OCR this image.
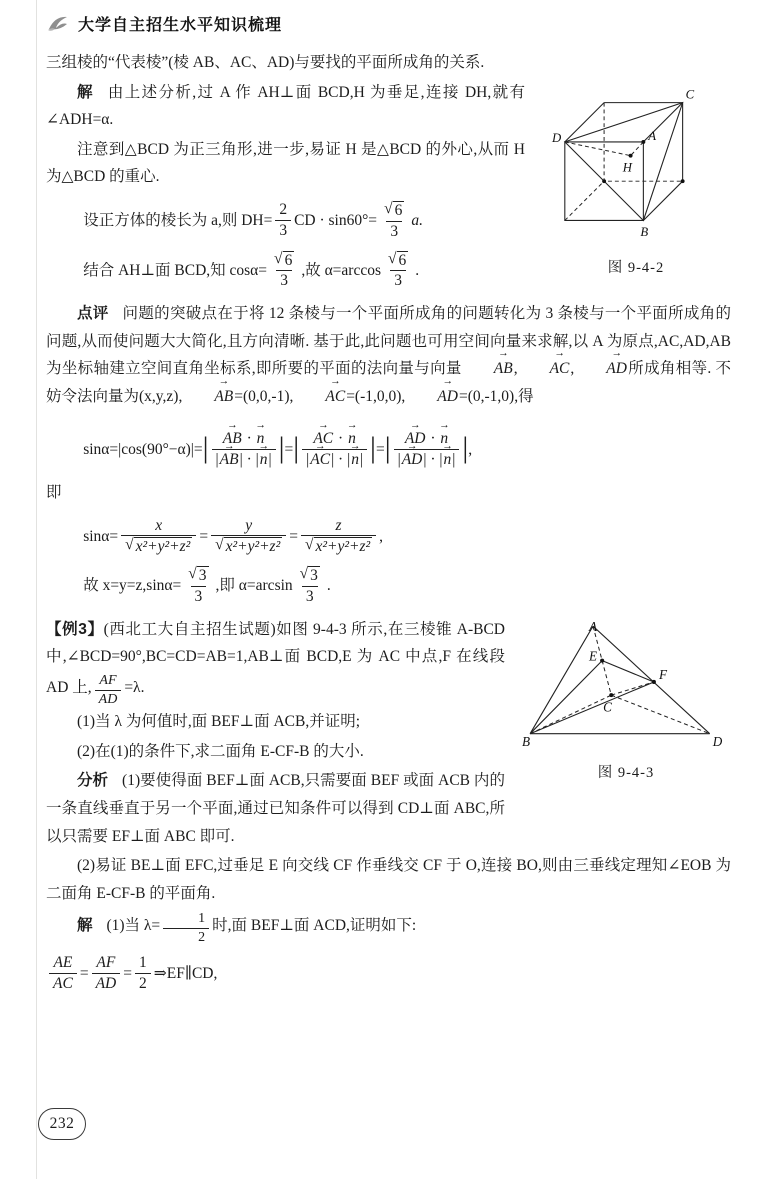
大学自主招生水平知识梳理

三组棱的“代表棱”(棱 AB、AC、AD)与要找的平面所成角的关系.

C
D	A
H
B
图 9-4-2

解 由上述分析,过 A 作 AH⊥面 BCD,H 为垂足,连接 DH,就有∠ADH=α.

注意到△BCD 为正三角形,进一步,易证 H 是△BCD 的外心,从而 H 为△BCD 的重心.

设正方体的棱长为 a,则 $DH= \frac{2}{3}$ CD · $\sin 60^\circ= \frac{√ 6}{3} a$.
结合 AH⊥面 BCD,知 $\cos\alpha= \frac{√ 6}{3}$ ,故 $\alpha=\arccos \frac{√ 6}{3}$ .

点评 问题的突破点在于将 12 条棱与一个平面所成角的问题转化为 3 条棱与一个平面所成角的问题,从而使问题大大简化,且方向清晰. 基于此,此问题也可用空间向量来求解,以 A 为原点,AC,AD,AB 为坐标轴建立空间直角坐标系,即所要的平面的法向量与向量 → AB, → AC, → AD所成角相等. 不妨令法向量为(x,y,z), → AB=(0,0,-1), → AC=(-1,0,0), → AD=(0,-1,0),得

sinα=|cos(90°−α)|= | → $\frac{AB \cdot \to n}{|\to AB| \cdot |\to n|}$ | = | → $\frac{AC \cdot \to n}{|\to AC| \cdot |\to n|}$ | = | → $\frac{AD \cdot \to n}{|\to AD| \cdot |\to n|}$ | ,

即

$\sin\alpha= \frac{x}{\text{√ x²+y²+z²}} = \frac{y}{\text{√ x²+y²+z²}} = \frac{z}{\text{√ x²+y²+z²}}$ ,
故 $x=y=z,\sin\alpha= \frac{√ 3}{3}$ ,即 $\alpha=\arcsin \frac{√ 3}{3}$ .
A
E
C
F
B	D
图 9-4-3

【例3】(西北工大自主招生试题)如图 9-4-3 所示,在三棱锥 A-BCD 中,∠BCD=90°,BC=CD=AB=1,AB⊥面 BCD,E 为 AC 中点,F 在线段 AD 上, $\frac{AF}{AD} =\lambda$.

(1)当 λ 为何值时,面 BEF⊥面 ACB,并证明;

(2)在(1)的条件下,求二面角 E-CF-B 的大小.

分析 (1)要使得面 BEF⊥面 ACB,只需要面 BEF 或面 ACB 内的一条直线垂直于另一个平面,通过已知条件可以得到 CD⊥面 ABC,所以只需要 EF⊥面 ABC 即可.

(2)易证 BE⊥面 EFC,过垂足 E 向交线 CF 作垂线交 CF 于 O,连接 BO,则由三垂线定理知∠EOB 为二面角 E-CF-B 的平面角.

解 (1)当 $\lambda= \frac{1}{2}$ 时,面 BEF⊥面 ACD,证明如下:

$\frac{AE}{AC} = \frac{AF}{AD} = \frac{1}{2}$ ⇒EF∥CD,
232
